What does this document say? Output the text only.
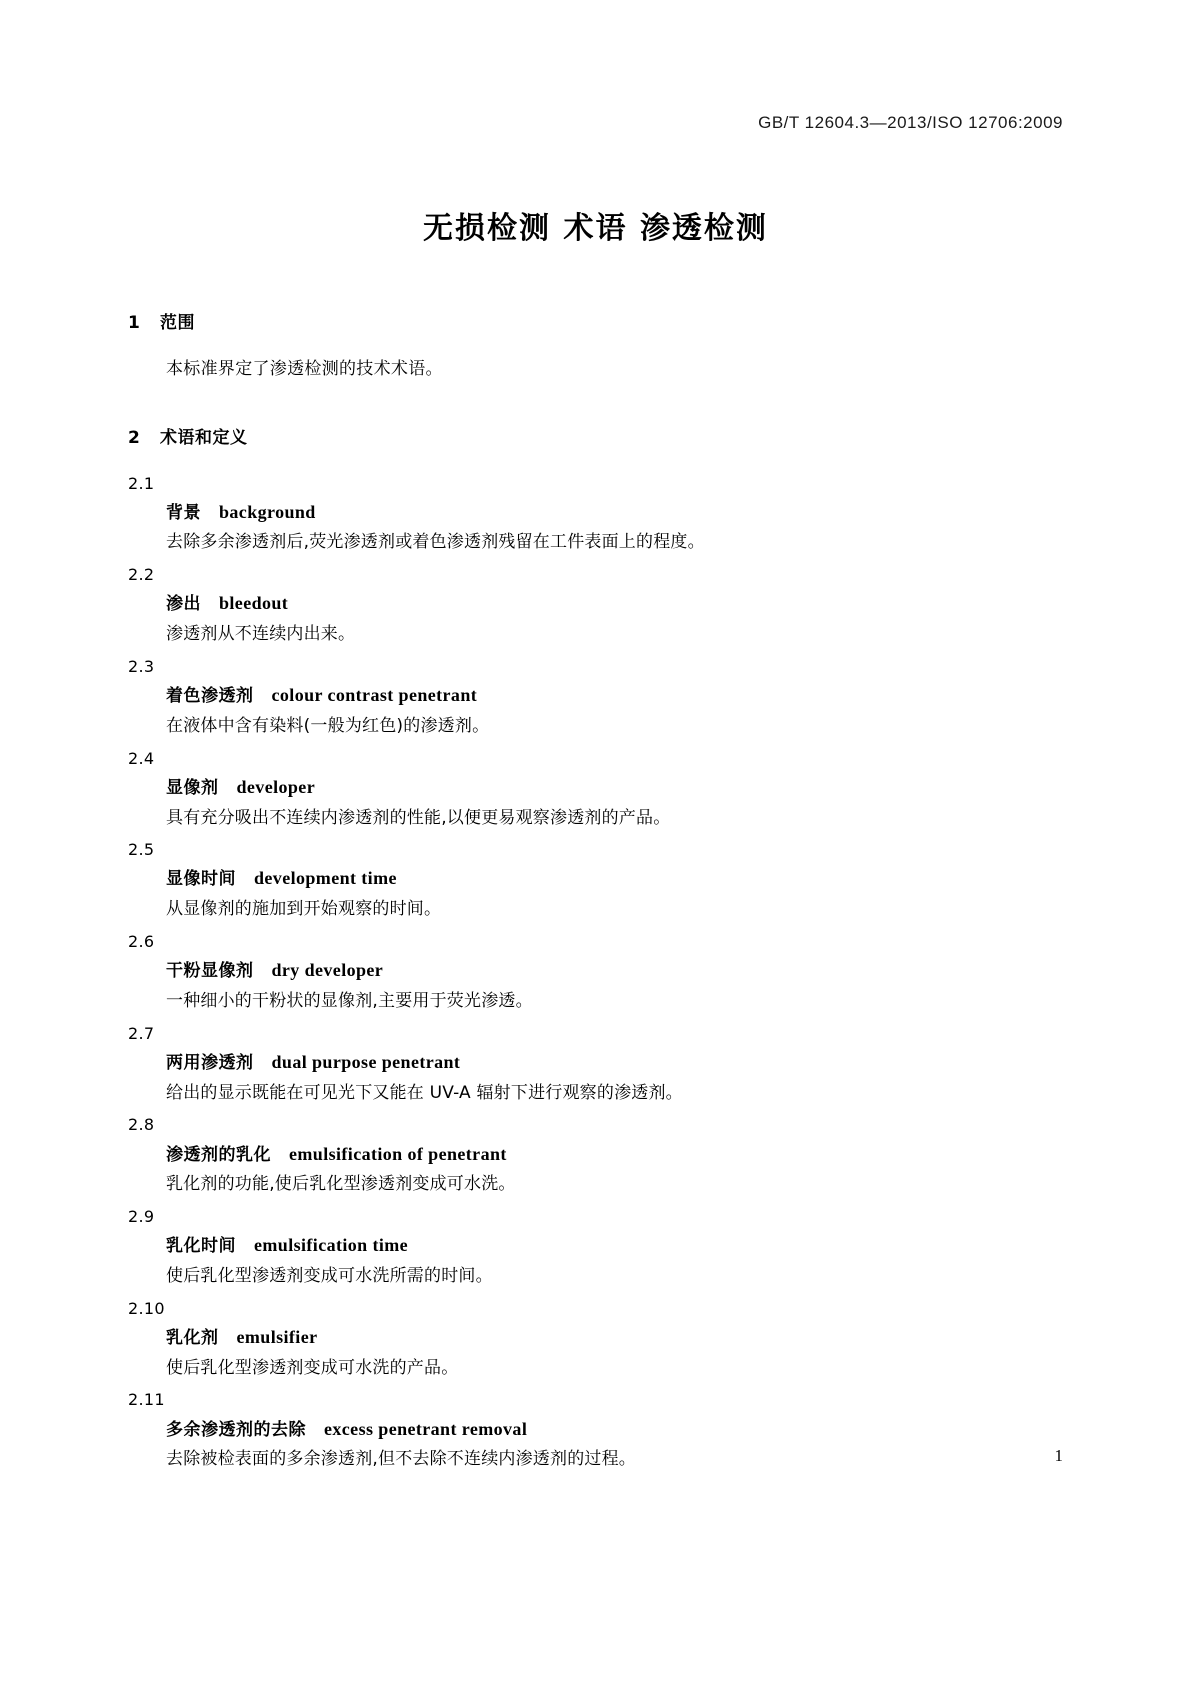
GB/T 12604.3—2013/ISO 12706:2009
无损检测 术语 渗透检测
1 范围
本标准界定了渗透检测的技术术语。
2 术语和定义
2.1
背景 background
去除多余渗透剂后,荧光渗透剂或着色渗透剂残留在工件表面上的程度。
2.2
渗出 bleedout
渗透剂从不连续内出来。
2.3
着色渗透剂 colour contrast penetrant
在液体中含有染料(一般为红色)的渗透剂。
2.4
显像剂 developer
具有充分吸出不连续内渗透剂的性能,以便更易观察渗透剂的产品。
2.5
显像时间 development time
从显像剂的施加到开始观察的时间。
2.6
干粉显像剂 dry developer
一种细小的干粉状的显像剂,主要用于荧光渗透。
2.7
两用渗透剂 dual purpose penetrant
给出的显示既能在可见光下又能在 UV-A 辐射下进行观察的渗透剂。
2.8
渗透剂的乳化 emulsification of penetrant
乳化剂的功能,使后乳化型渗透剂变成可水洗。
2.9
乳化时间 emulsification time
使后乳化型渗透剂变成可水洗所需的时间。
2.10
乳化剂 emulsifier
使后乳化型渗透剂变成可水洗的产品。
2.11
多余渗透剂的去除 excess penetrant removal
去除被检表面的多余渗透剂,但不去除不连续内渗透剂的过程。	1
